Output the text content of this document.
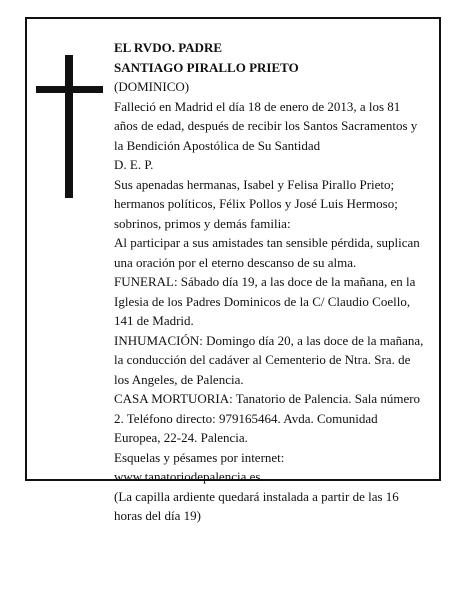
EL RVDO. PADRE

SANTIAGO PIRALLO PRIETO

(DOMINICO)

Falleció en Madrid el día 18 de enero de 2013, a los 81 años de edad, después de recibir los Santos Sacramentos y la Bendición Apostólica de Su Santidad

D. E. P.

Sus apenadas hermanas, Isabel y Felisa Pirallo Prieto; hermanos políticos, Félix Pollos y José Luis Hermoso; sobrinos, primos y demás familia:

Al participar a sus amistades tan sensible pérdida, suplican una oración por el eterno descanso de su alma.

FUNERAL: Sábado día 19, a las doce de la mañana, en la Iglesia de los Padres Dominicos de la C/ Claudio Coello, 141 de Madrid.

INHUMACIÓN: Domingo día 20, a las doce de la mañana, la conducción del cadáver al Cementerio de Ntra. Sra. de los Angeles, de Palencia.

CASA MORTUORIA: Tanatorio de Palencia. Sala número 2. Teléfono directo: 979165464. Avda. Comunidad Europea, 22-24. Palencia.

Esquelas y pésames por internet:

www.tanatoriodepalencia.es

(La capilla ardiente quedará instalada a partir de las 16 horas del día 19)
